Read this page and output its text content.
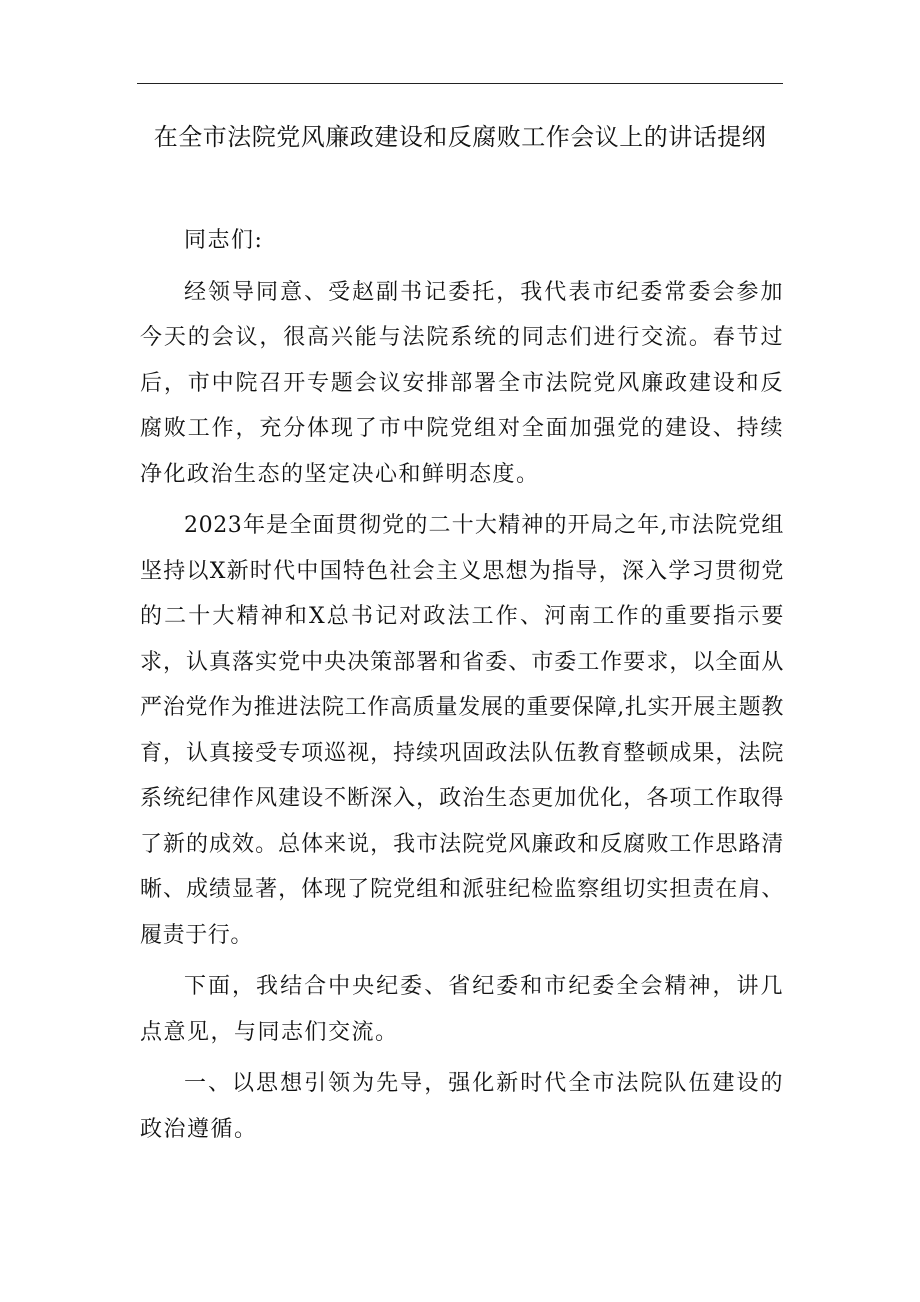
在全市法院党风廉政建设和反腐败工作会议上的讲话提纲

同志们:

经领导同意、受赵副书记委托，我代表市纪委常委会参加今天的会议，很高兴能与法院系统的同志们进行交流。春节过后，市中院召开专题会议安排部署全市法院党风廉政建设和反腐败工作，充分体现了市中院党组对全面加强党的建设、持续净化政治生态的坚定决心和鲜明态度。

2023年是全面贯彻党的二十大精神的开局之年,市法院党组坚持以X新时代中国特色社会主义思想为指导，深入学习贯彻党的二十大精神和X总书记对政法工作、河南工作的重要指示要求，认真落实党中央决策部署和省委、市委工作要求，以全面从严治党作为推进法院工作高质量发展的重要保障,扎实开展主题教育，认真接受专项巡视，持续巩固政法队伍教育整顿成果，法院系统纪律作风建设不断深入，政治生态更加优化，各项工作取得了新的成效。总体来说，我市法院党风廉政和反腐败工作思路清晰、成绩显著，体现了院党组和派驻纪检监察组切实担责在肩、履责于行。

下面，我结合中央纪委、省纪委和市纪委全会精神，讲几点意见，与同志们交流。

一、以思想引领为先导，强化新时代全市法院队伍建设的政治遵循。
